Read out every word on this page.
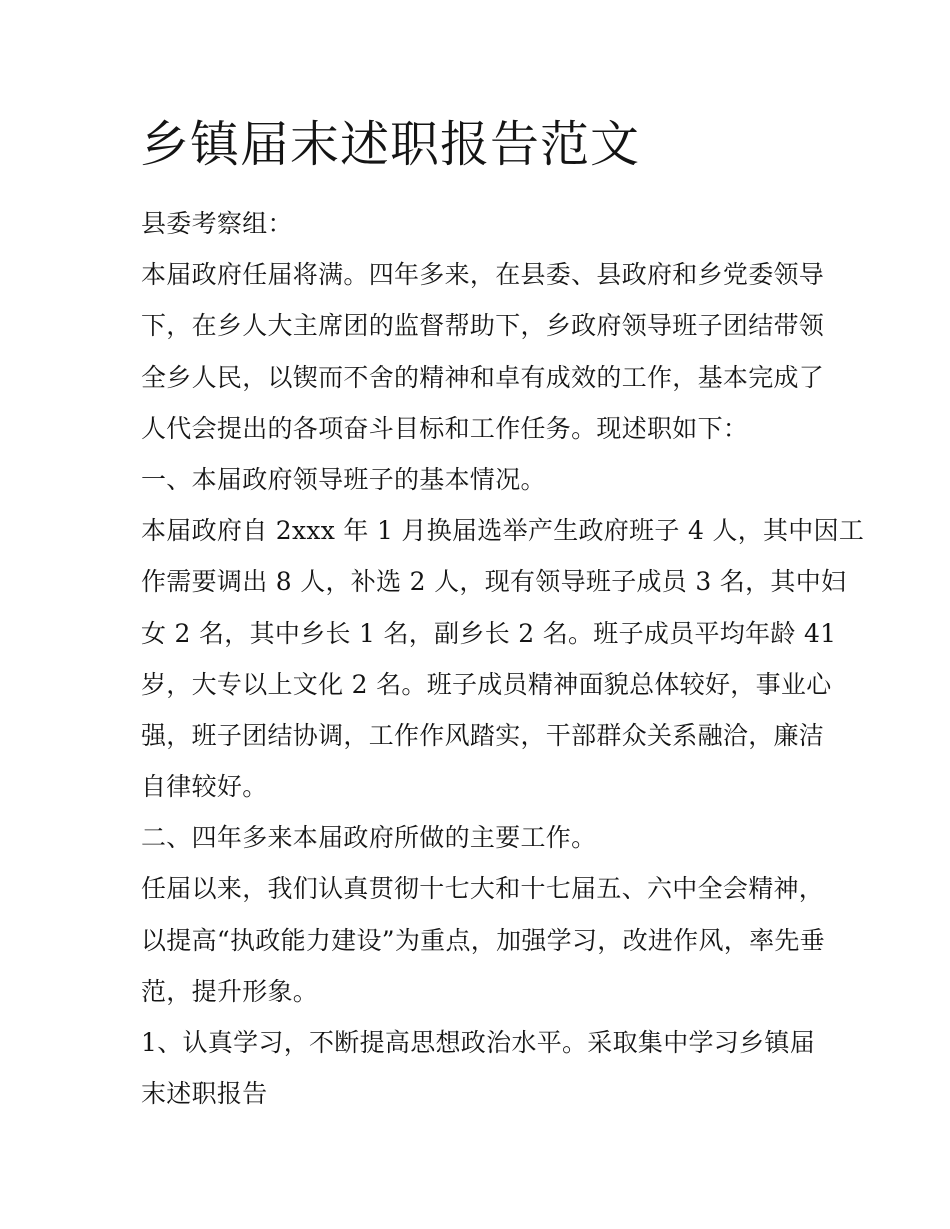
乡镇届末述职报告范文
县委考察组：
本届政府任届将满。四年多来，在县委、县政府和乡党委领导
下，在乡人大主席团的监督帮助下，乡政府领导班子团结带领
全乡人民，以锲而不舍的精神和卓有成效的工作，基本完成了
人代会提出的各项奋斗目标和工作任务。现述职如下：
一、本届政府领导班子的基本情况。
本届政府自 2xxx 年 1 月换届选举产生政府班子 4 人，其中因工
作需要调出 8 人，补选 2 人，现有领导班子成员 3 名，其中妇
女 2 名，其中乡长 1 名，副乡长 2 名。班子成员平均年龄 41
岁，大专以上文化 2 名。班子成员精神面貌总体较好，事业心
强，班子团结协调，工作作风踏实，干部群众关系融洽，廉洁
自律较好。
二、四年多来本届政府所做的主要工作。
任届以来，我们认真贯彻十七大和十七届五、六中全会精神，
以提高“执政能力建设”为重点，加强学习，改进作风，率先垂
范，提升形象。
1、认真学习，不断提高思想政治水平。采取集中学习乡镇届
末述职报告
